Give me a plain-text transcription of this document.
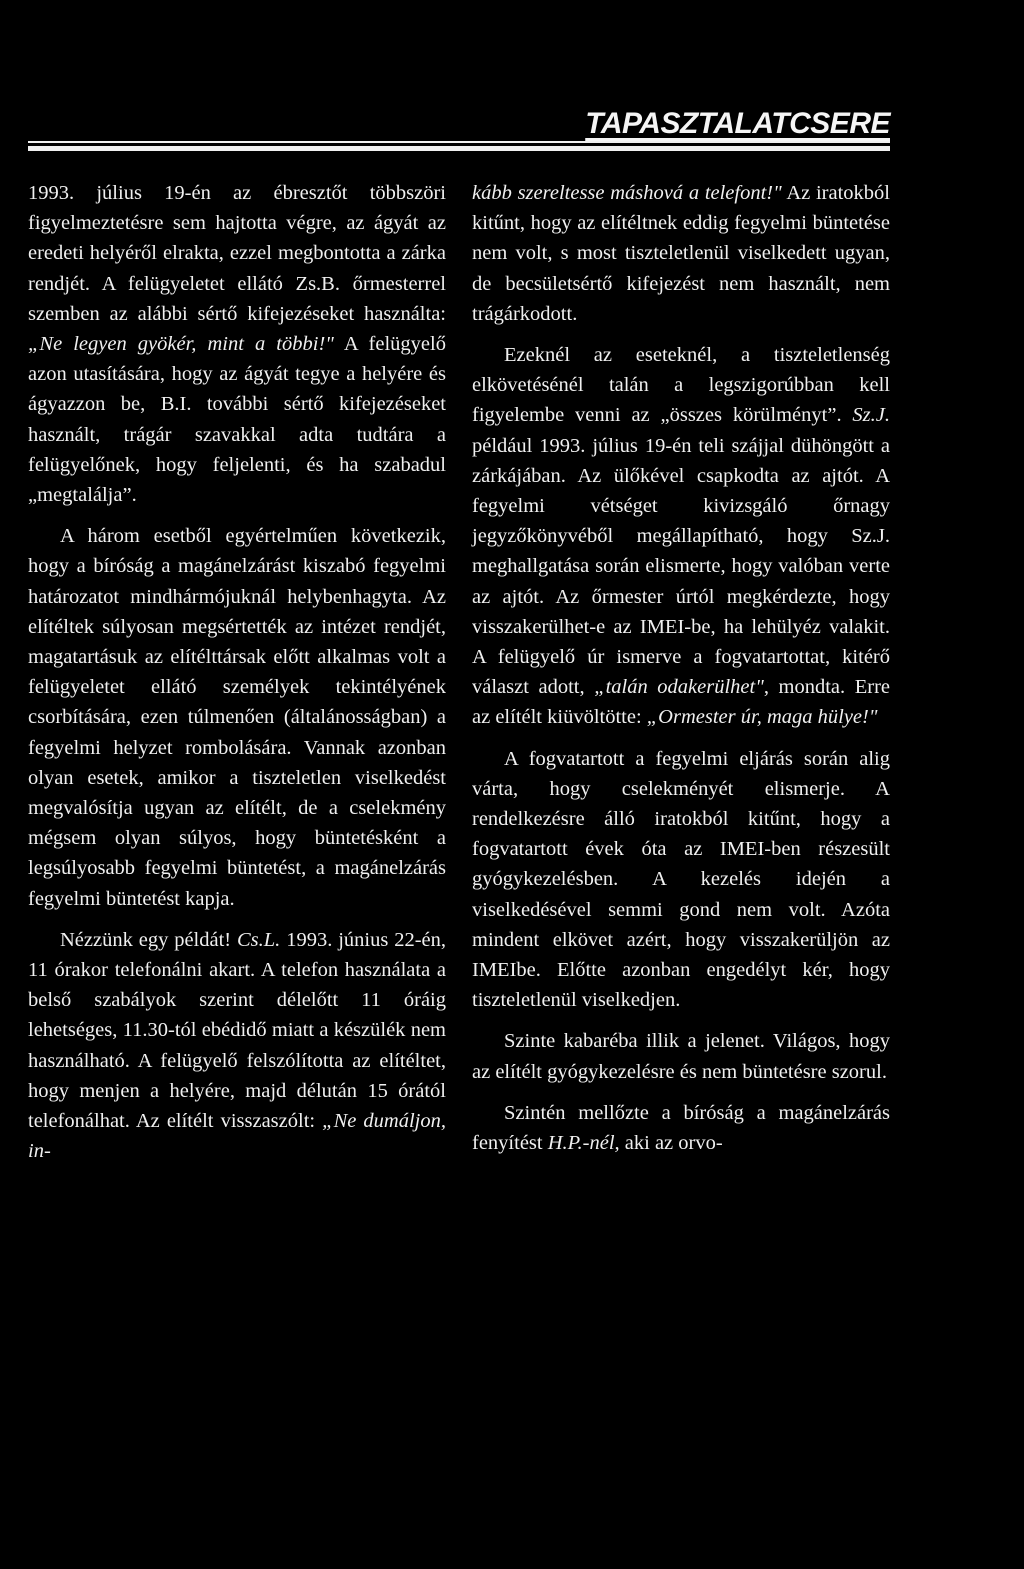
TAPASZTALATCSERE

1993. július 19-én az ébresztőt többszöri figyelmeztetésre sem hajtotta végre, az ágyát az eredeti helyéről elrakta, ezzel megbontotta a zárka rendjét. A felügyeletet ellátó Zs.B. őrmesterrel szemben az alábbi sértő kifejezéseket használta: „Ne legyen gyökér, mint a többi!" A felügyelő azon utasítására, hogy az ágyát tegye a helyére és ágyazzon be, B.I. további sértő kifejezéseket használt, trágár szavakkal adta tudtára a felügyelőnek, hogy feljelenti, és ha szabadul „megtalálja”.

A három esetből egyértelműen következik, hogy a bíróság a magánelzárást kiszabó fegyelmi határozatot mindhármójuknál helybenhagyta. Az elítéltek súlyosan megsértették az intézet rendjét, magatartásuk az elítélttársak előtt alkalmas volt a felügyeletet ellátó személyek tekintélyének csorbítására, ezen túlmenően (általánosságban) a fegyelmi helyzet rombolására. Vannak azonban olyan esetek, amikor a tiszteletlen viselkedést megvalósítja ugyan az elítélt, de a cselekmény mégsem olyan súlyos, hogy büntetésként a legsúlyosabb fegyelmi büntetést, a magánelzárás fegyelmi büntetést kapja.

Nézzünk egy példát! Cs.L. 1993. június 22-én, 11 órakor telefonálni akart. A telefon használata a belső szabályok szerint délelőtt 11 óráig lehetséges, 11.30-tól ebédidő miatt a készülék nem használható. A felügyelő felszólította az elítéltet, hogy menjen a helyére, majd délután 15 órától telefonálhat. Az elítélt visszaszólt: „Ne dumáljon, in-

kább szereltesse máshová a telefont!" Az iratokból kitűnt, hogy az elítéltnek eddig fegyelmi büntetése nem volt, s most tiszteletlenül viselkedett ugyan, de becsületsértő kifejezést nem használt, nem trágárkodott.

Ezeknél az eseteknél, a tiszteletlenség elkövetésénél talán a legszigorúbban kell figyelembe venni az „összes körülményt”. Sz.J. például 1993. július 19-én teli szájjal dühöngött a zárkájában. Az ülőkével csapkodta az ajtót. A fegyelmi vétséget kivizsgáló őrnagy jegyzőkönyvéből megállapítható, hogy Sz.J. meghallgatása során elismerte, hogy valóban verte az ajtót. Az őrmester úrtól megkérdezte, hogy visszakerülhet-e az IMEI-be, ha lehülyéz valakit. A felügyelő úr ismerve a fogvatartottat, kitérő választ adott, „talán odakerülhet", mondta. Erre az elítélt kiüvöltötte: „Ormester úr, maga hülye!"

A fogvatartott a fegyelmi eljárás során alig várta, hogy cselekményét elismerje. A rendelkezésre álló iratokból kitűnt, hogy a fogvatartott évek óta az IMEI-ben részesült gyógykezelésben. A kezelés idején a viselkedésével semmi gond nem volt. Azóta mindent elkövet azért, hogy visszakerüljön az IMEIbe. Előtte azonban engedélyt kér, hogy tiszteletlenül viselkedjen.

Szinte kabaréba illik a jelenet. Világos, hogy az elítélt gyógykezelésre és nem büntetésre szorul.

Szintén mellőzte a bíróság a magánelzárás fenyítést H.P.-nél, aki az orvo-
